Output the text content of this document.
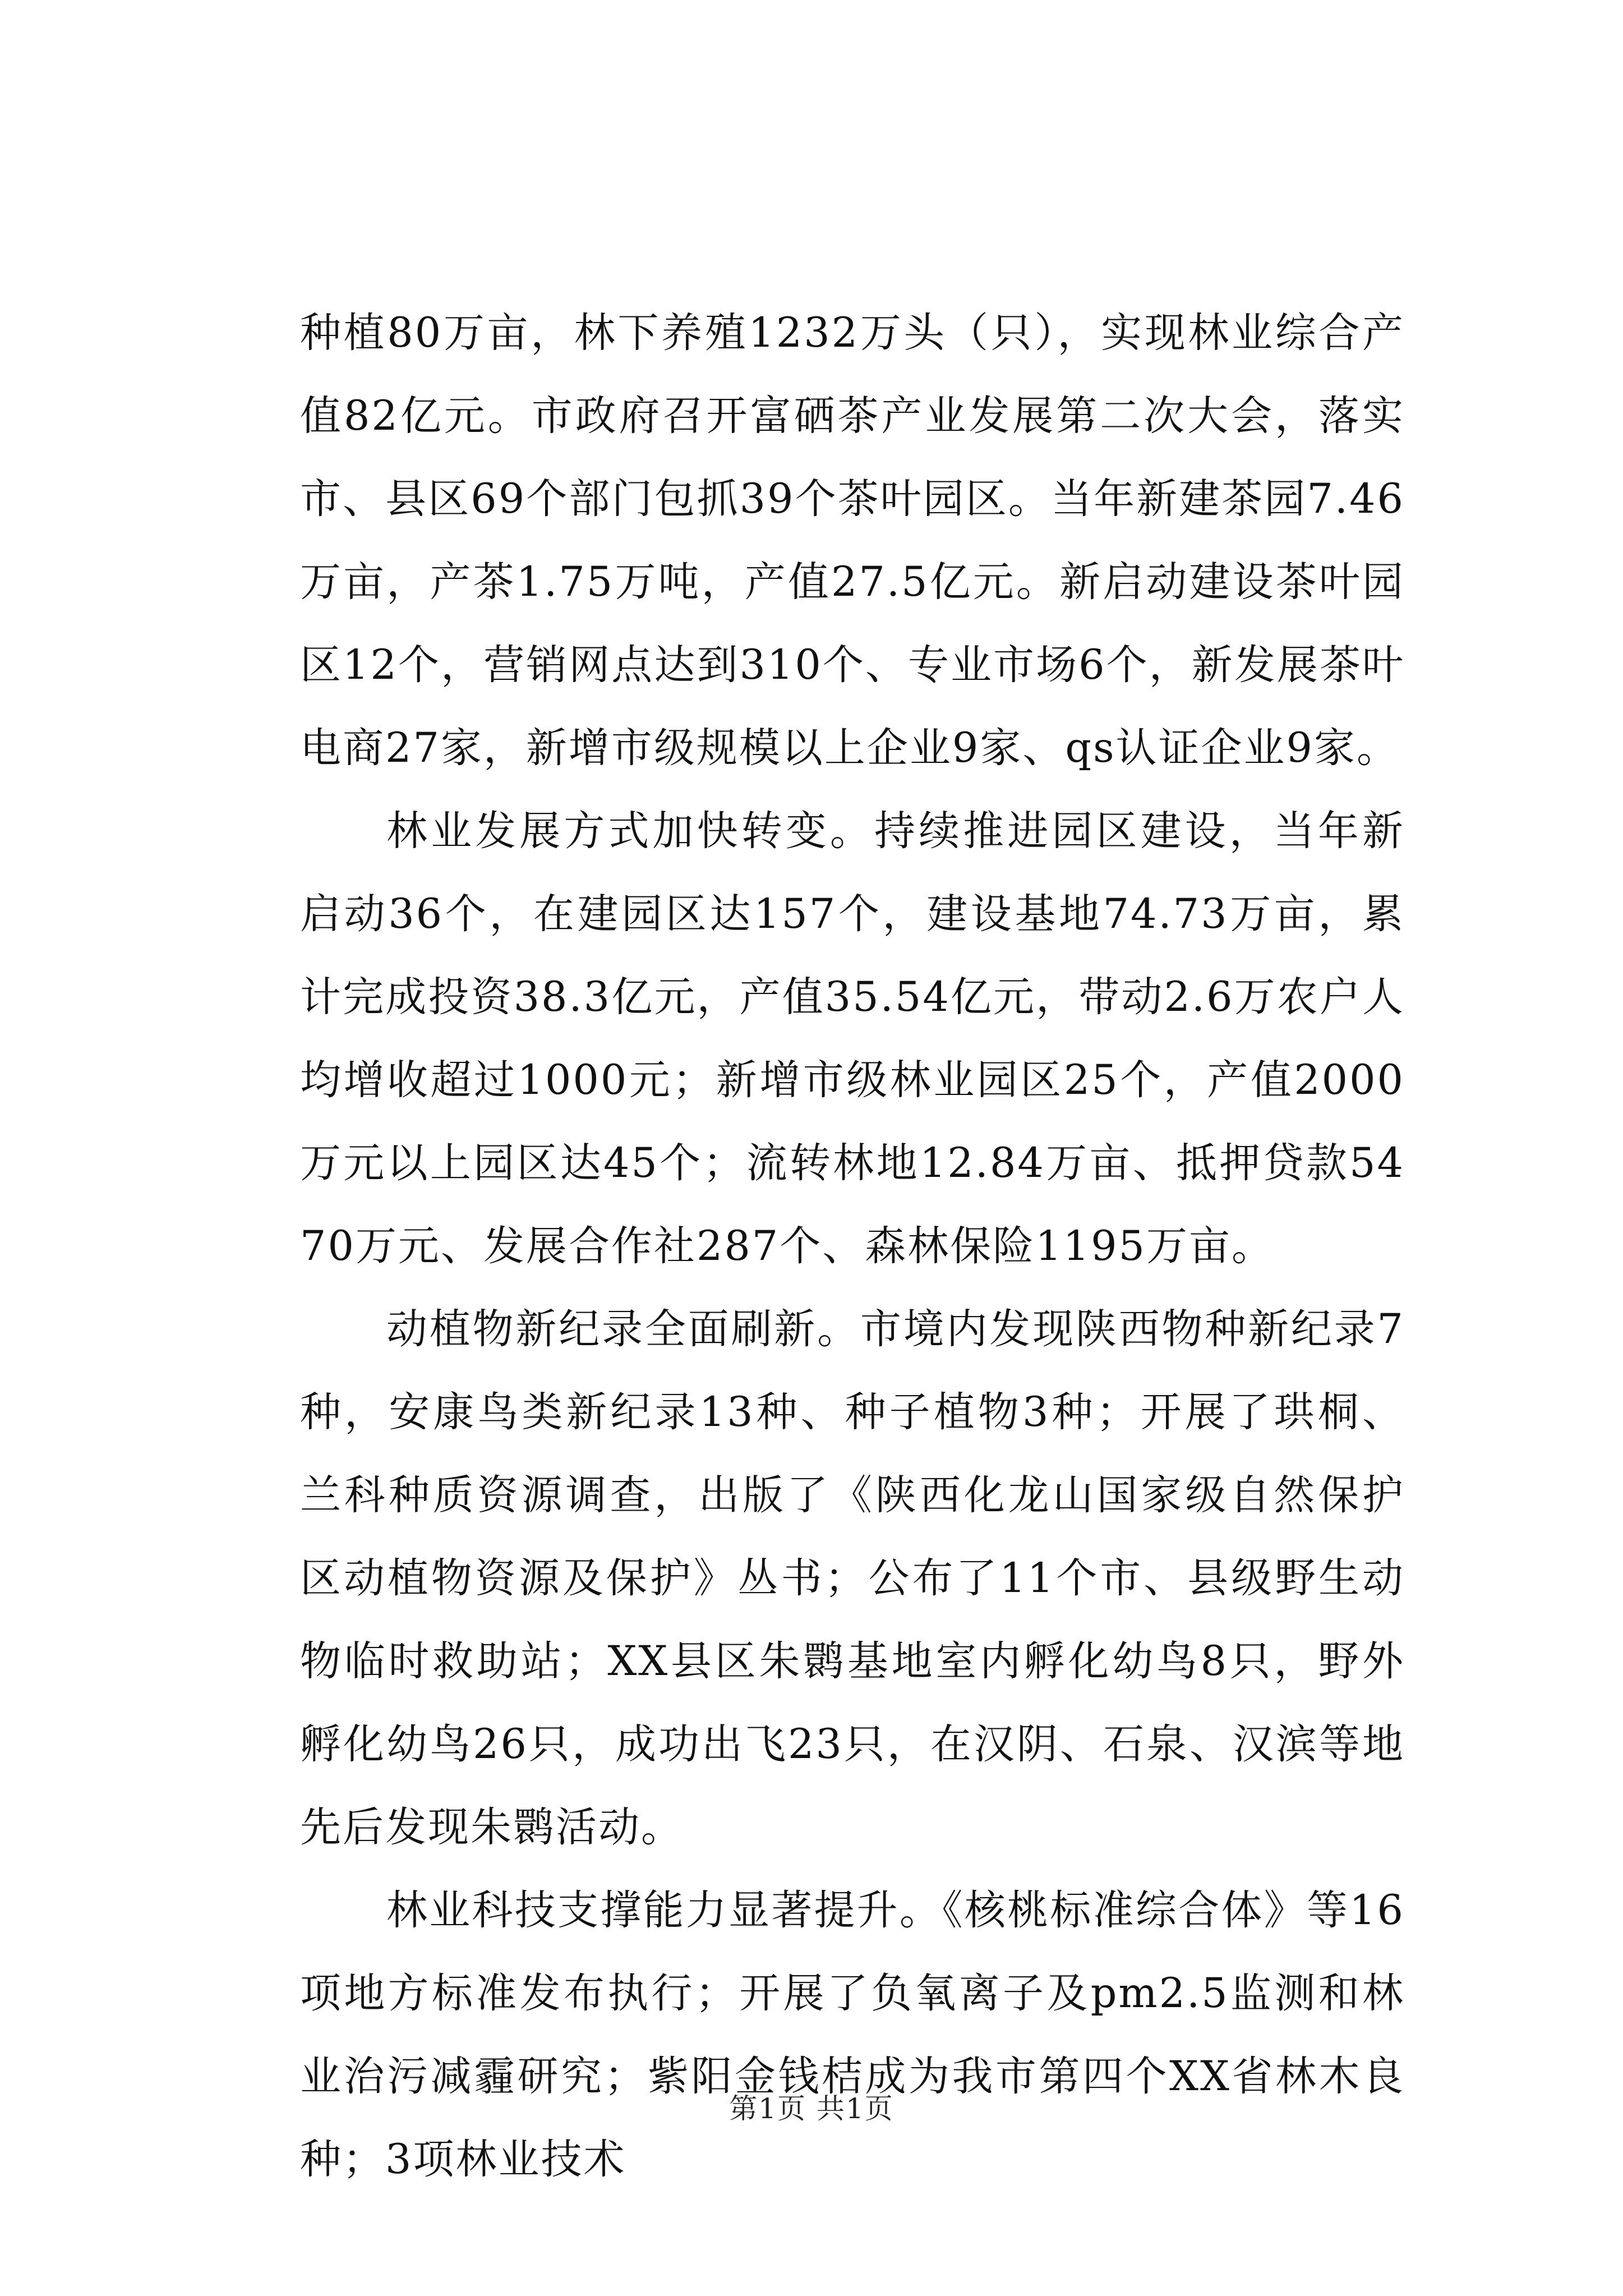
种植80万亩，林下养殖1232万头（只），实现林业综合产值82亿元。市政府召开富硒茶产业发展第二次大会，落实市、县区69个部门包抓39个茶叶园区。当年新建茶园7.46万亩，产茶1.75万吨，产值27.5亿元。新启动建设茶叶园区12个，营销网点达到310个、专业市场6个，新发展茶叶电商27家，新增市级规模以上企业9家、qs认证企业9家。

林业发展方式加快转变。持续推进园区建设，当年新启动36个，在建园区达157个，建设基地74.73万亩，累计完成投资38.3亿元，产值35.54亿元，带动2.6万农户人均增收超过1000元；新增市级林业园区25个，产值2000万元以上园区达45个；流转林地12.84万亩、抵押贷款5470万元、发展合作社287个、森林保险1195万亩。

动植物新纪录全面刷新。市境内发现陕西物种新纪录7种，安康鸟类新纪录13种、种子植物3种；开展了珙桐、兰科种质资源调查，出版了《陕西化龙山国家级自然保护区动植物资源及保护》丛书；公布了11个市、县级野生动物临时救助站；XX县区朱鹮基地室内孵化幼鸟8只，野外孵化幼鸟26只，成功出飞23只，在汉阴、石泉、汉滨等地先后发现朱鹮活动。

林业科技支撑能力显著提升。《核桃标准综合体》等16项地方标准发布执行；开展了负氧离子及pm2.5监测和林业治污减霾研究；紫阳金钱桔成为我市第四个XX省林木良种；3项林业技术

第1页 共1页
